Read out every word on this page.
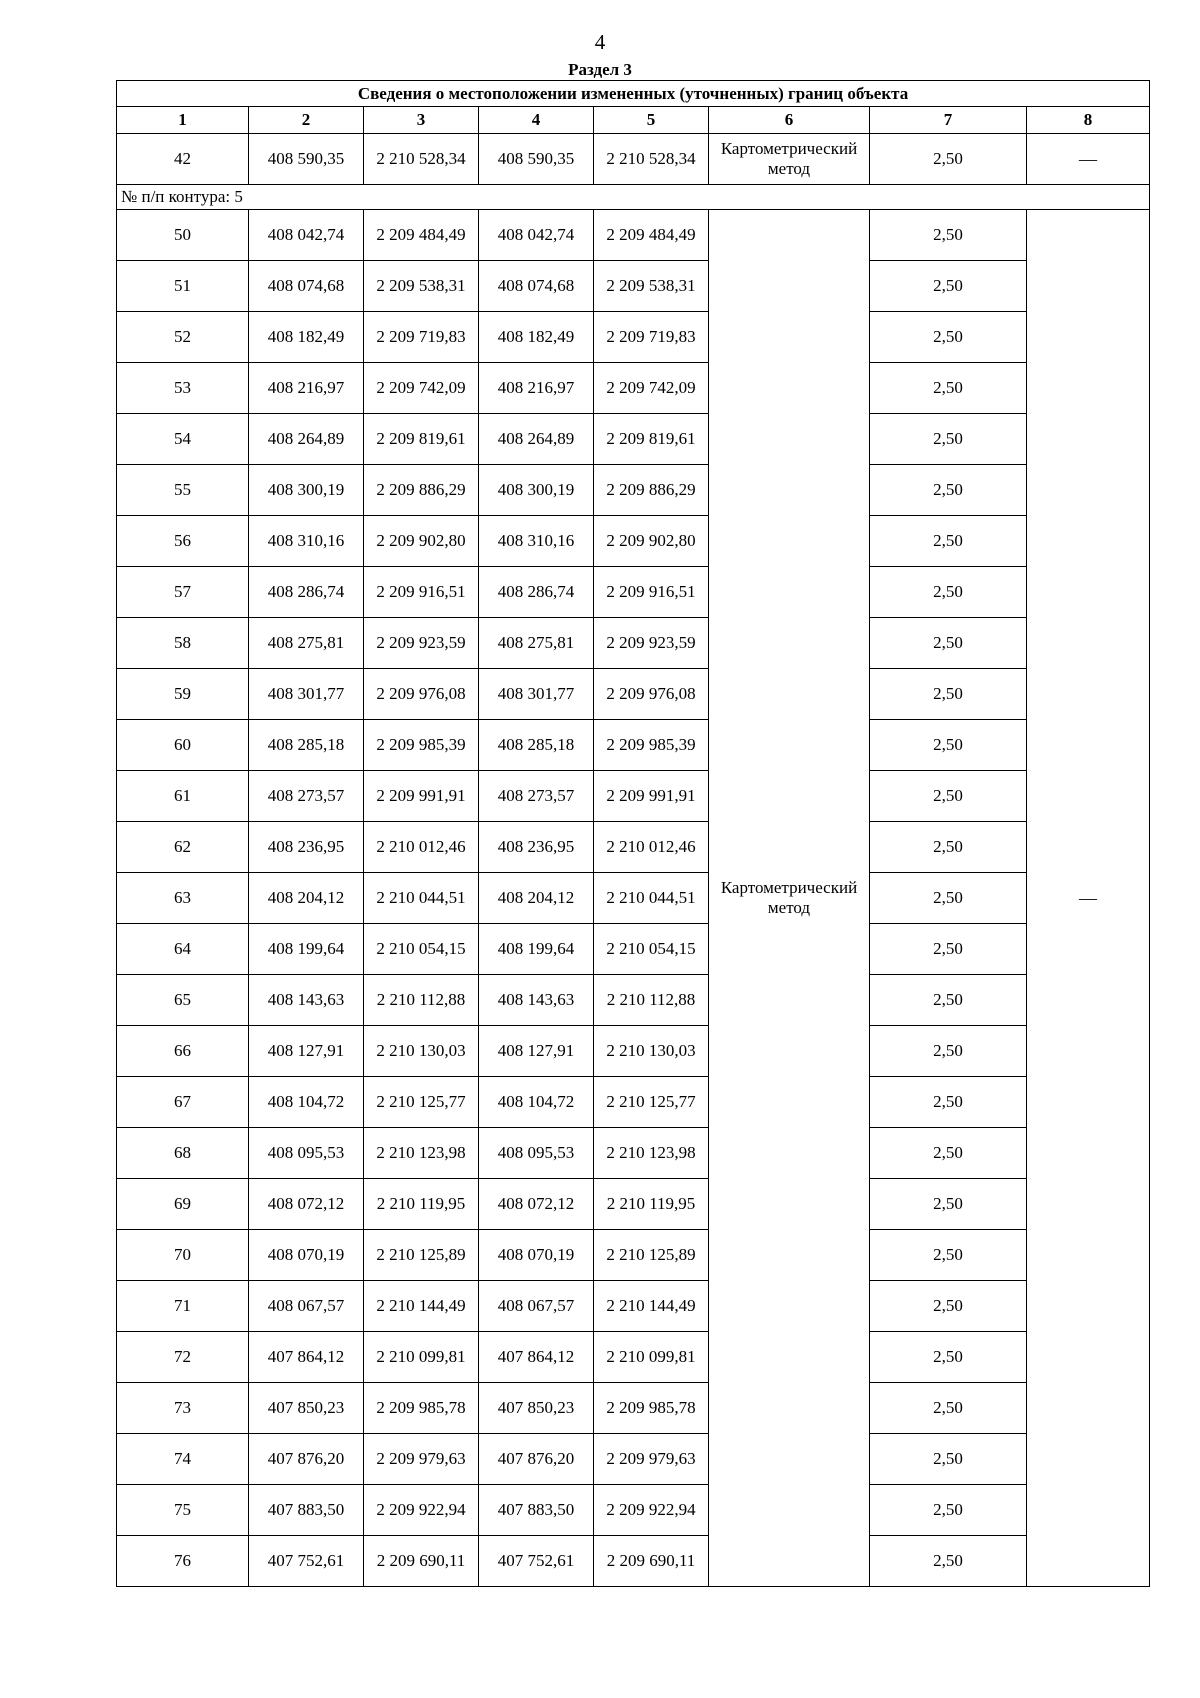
4
Раздел 3
Сведения о местоположении измененных (уточненных) границ объекта							
1	2	3	4	5	6	7	8
42	408 590,35	2 210 528,34	408 590,35	2 210 528,34	Картометрический метод	2,50	—
№ п/п контура: 5							
50	408 042,74	2 209 484,49	408 042,74	2 209 484,49	Картометрический метод	2,50	—
51	408 074,68	2 209 538,31	408 074,68	2 209 538,31		2,50	
52	408 182,49	2 209 719,83	408 182,49	2 209 719,83		2,50	
53	408 216,97	2 209 742,09	408 216,97	2 209 742,09		2,50	
54	408 264,89	2 209 819,61	408 264,89	2 209 819,61		2,50	
55	408 300,19	2 209 886,29	408 300,19	2 209 886,29		2,50	
56	408 310,16	2 209 902,80	408 310,16	2 209 902,80		2,50	
57	408 286,74	2 209 916,51	408 286,74	2 209 916,51		2,50	
58	408 275,81	2 209 923,59	408 275,81	2 209 923,59		2,50	
59	408 301,77	2 209 976,08	408 301,77	2 209 976,08		2,50	
60	408 285,18	2 209 985,39	408 285,18	2 209 985,39		2,50	
61	408 273,57	2 209 991,91	408 273,57	2 209 991,91		2,50	
62	408 236,95	2 210 012,46	408 236,95	2 210 012,46		2,50	
63	408 204,12	2 210 044,51	408 204,12	2 210 044,51		2,50	
64	408 199,64	2 210 054,15	408 199,64	2 210 054,15		2,50	
65	408 143,63	2 210 112,88	408 143,63	2 210 112,88		2,50	
66	408 127,91	2 210 130,03	408 127,91	2 210 130,03		2,50	
67	408 104,72	2 210 125,77	408 104,72	2 210 125,77		2,50	
68	408 095,53	2 210 123,98	408 095,53	2 210 123,98		2,50	
69	408 072,12	2 210 119,95	408 072,12	2 210 119,95		2,50	
70	408 070,19	2 210 125,89	408 070,19	2 210 125,89		2,50	
71	408 067,57	2 210 144,49	408 067,57	2 210 144,49		2,50	
72	407 864,12	2 210 099,81	407 864,12	2 210 099,81		2,50	
73	407 850,23	2 209 985,78	407 850,23	2 209 985,78		2,50	
74	407 876,20	2 209 979,63	407 876,20	2 209 979,63		2,50	
75	407 883,50	2 209 922,94	407 883,50	2 209 922,94		2,50	
76	407 752,61	2 209 690,11	407 752,61	2 209 690,11		2,50	
